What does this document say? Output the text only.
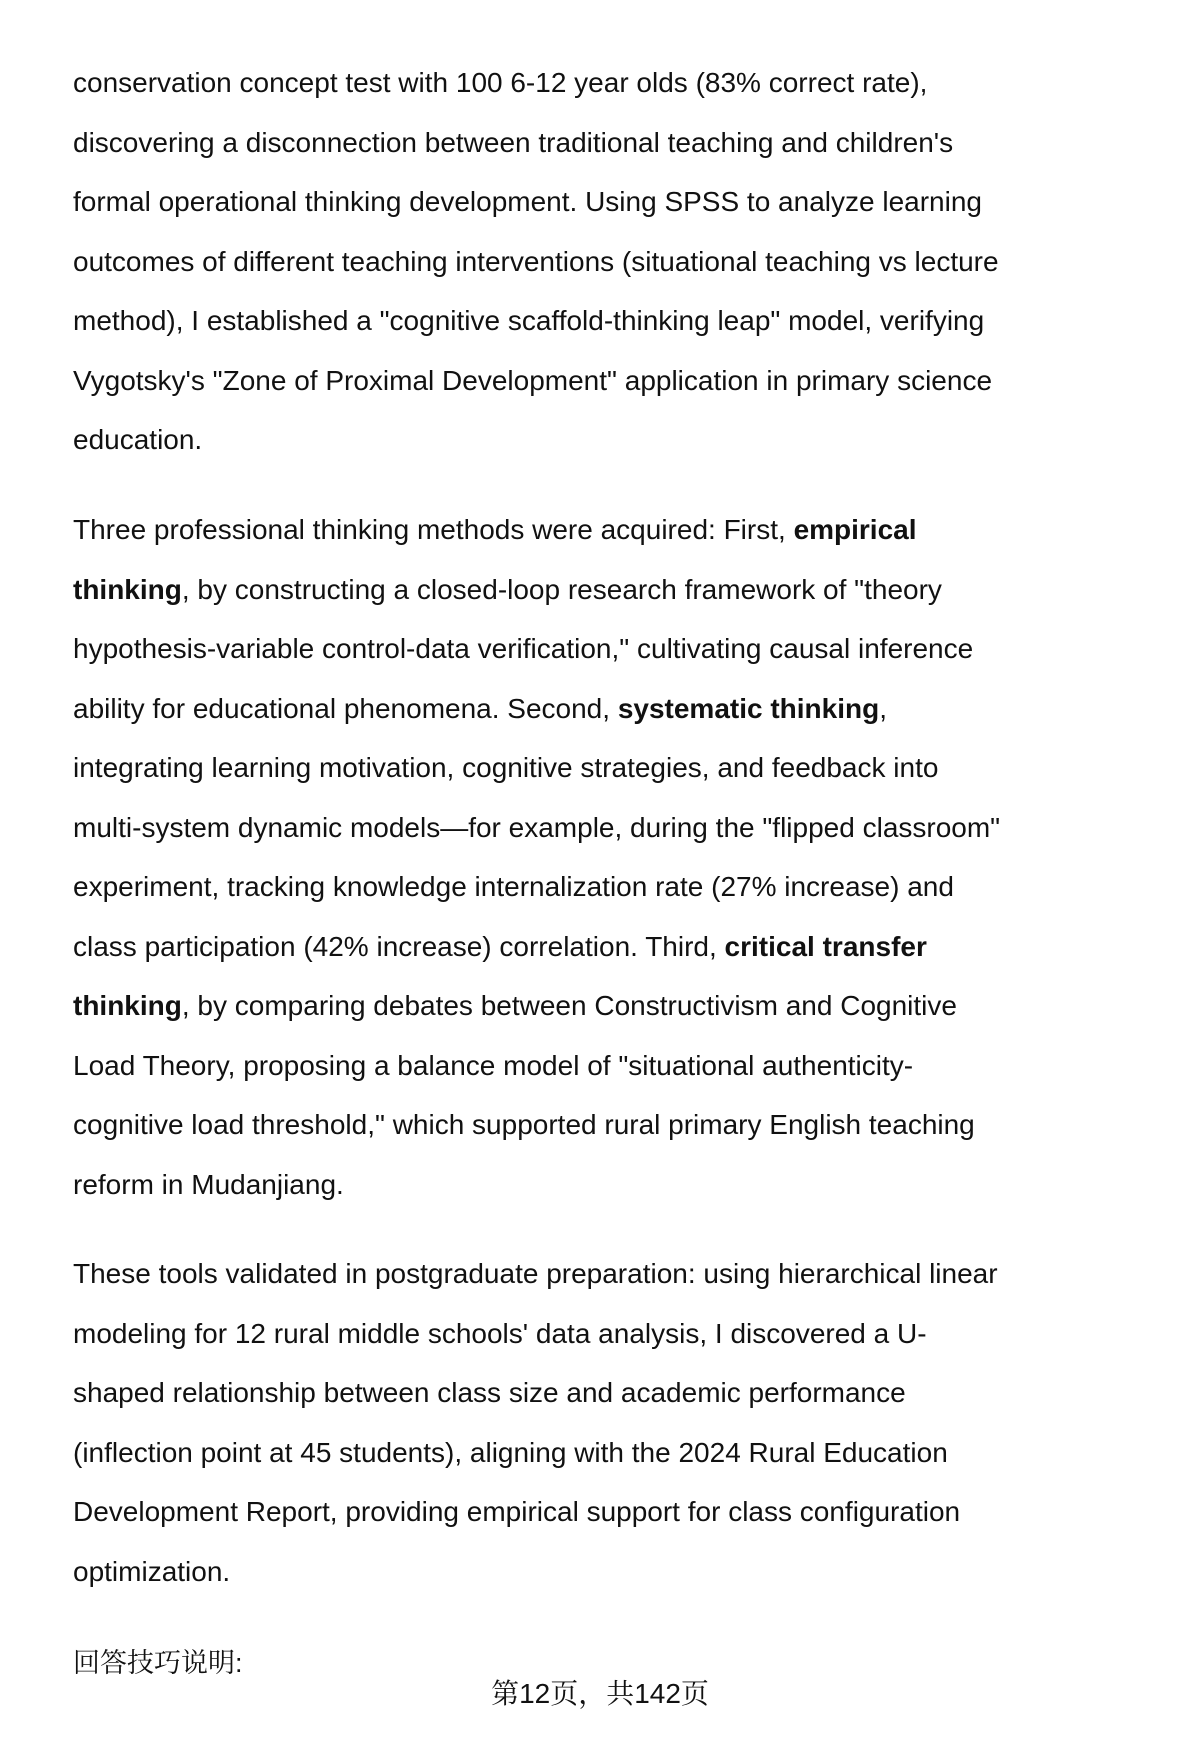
conservation concept test with 100 6-12 year olds (83% correct rate),
discovering a disconnection between traditional teaching and children's
formal operational thinking development. Using SPSS to analyze learning
outcomes of different teaching interventions (situational teaching vs lecture
method), I established a "cognitive scaffold-thinking leap" model, verifying
Vygotsky's "Zone of Proximal Development" application in primary science
education.
Three professional thinking methods were acquired: First, empirical
thinking, by constructing a closed-loop research framework of "theory
hypothesis-variable control-data verification," cultivating causal inference
ability for educational phenomena. Second, systematic thinking,
integrating learning motivation, cognitive strategies, and feedback into
multi-system dynamic models—for example, during the "flipped classroom"
experiment, tracking knowledge internalization rate (27% increase) and
class participation (42% increase) correlation. Third, critical transfer
thinking, by comparing debates between Constructivism and Cognitive
Load Theory, proposing a balance model of "situational authenticity-
cognitive load threshold," which supported rural primary English teaching
reform in Mudanjiang.
These tools validated in postgraduate preparation: using hierarchical linear
modeling for 12 rural middle schools' data analysis, I discovered a U-
shaped relationship between class size and academic performance
(inflection point at 45 students), aligning with the 2024 Rural Education
Development Report, providing empirical support for class configuration
optimization.
回答技巧说明:
第12页，共142页
